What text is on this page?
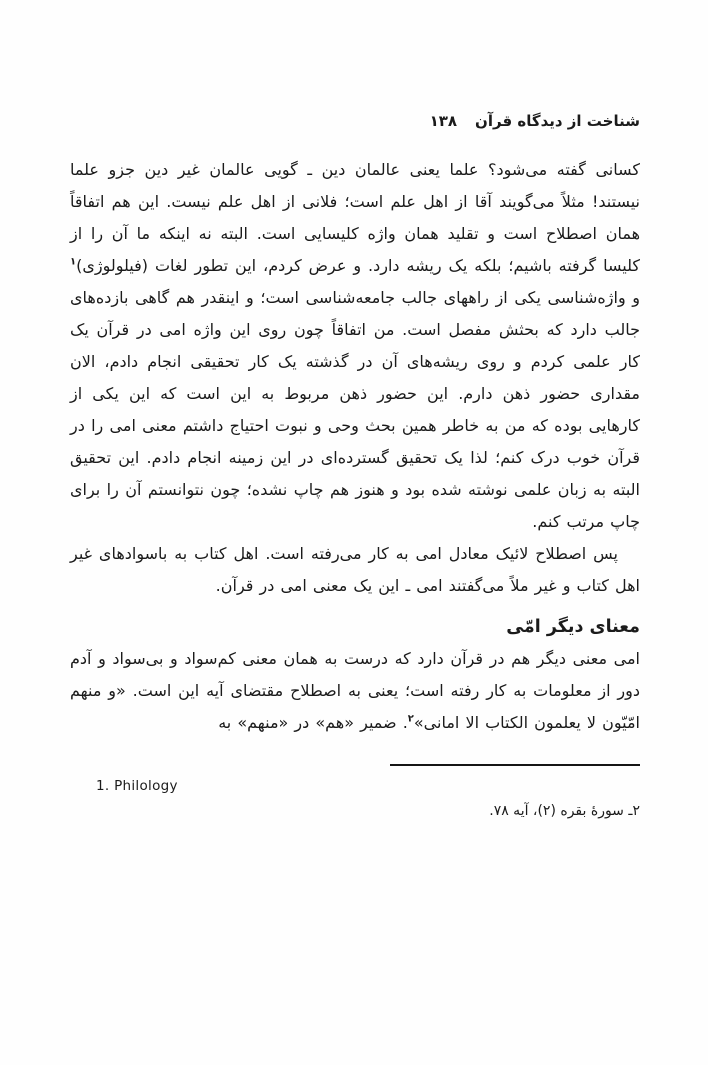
۱۳۸ شناخت از دیدگاه قرآن

کسانی گفته می‌شود؟ علما یعنی عالمان دین ـ گویی عالمان غیر دین جزو علما نیستند! مثلاً می‌گویند آقا از اهل علم است؛ فلانی از اهل علم نیست. این هم اتفاقاً همان اصطلاح است و تقلید همان واژه کلیسایی است. البته نه اینکه ما آن را از کلیسا گرفته باشیم؛ بلکه یک ریشه دارد. و عرض کردم، این تطور لغات (فیلولوژی)$^۱$ و واژه‌شناسی یکی از راههای جالب جامعه‌شناسی است؛ و اینقدر هم گاهی بازده‌های جالب دارد که بحثش مفصل است. من اتفاقاً چون روی این واژه امی در قرآن یک کار علمی کردم و روی ریشه‌های آن در گذشته یک کار تحقیقی انجام دادم، الان مقداری حضور ذهن دارم. این حضور ذهن مربوط به این است که این یکی از کارهایی بوده که من به خاطر همین بحث وحی و نبوت احتیاج داشتم معنی امی را در قرآن خوب درک کنم؛ لذا یک تحقیق گسترده‌ای در این زمینه انجام دادم. این تحقیق البته به زبان علمی نوشته شده بود و هنوز هم چاپ نشده؛ چون نتوانستم آن را برای چاپ مرتب کنم.

پس اصطلاح لائیک معادل امی به کار می‌رفته است. اهل کتاب به باسوادهای غیر اهل کتاب و غیر ملاً می‌گفتند امی ـ این یک معنی امی در قرآن.

معنای دیگر امّی

امی معنی دیگر هم در قرآن دارد که درست به همان معنی کم‌سواد و بی‌سواد و آدم دور از معلومات به کار رفته است؛ یعنی به اصطلاح مقتضای آیه این است. «و منهم امّیّون لا یعلمون الکتاب الا امانی»$^۲$. ضمیر «هم» در «منهم» به

1. Philology
۲ـ سورۀ بقره (۲)، آیه ۷۸.
